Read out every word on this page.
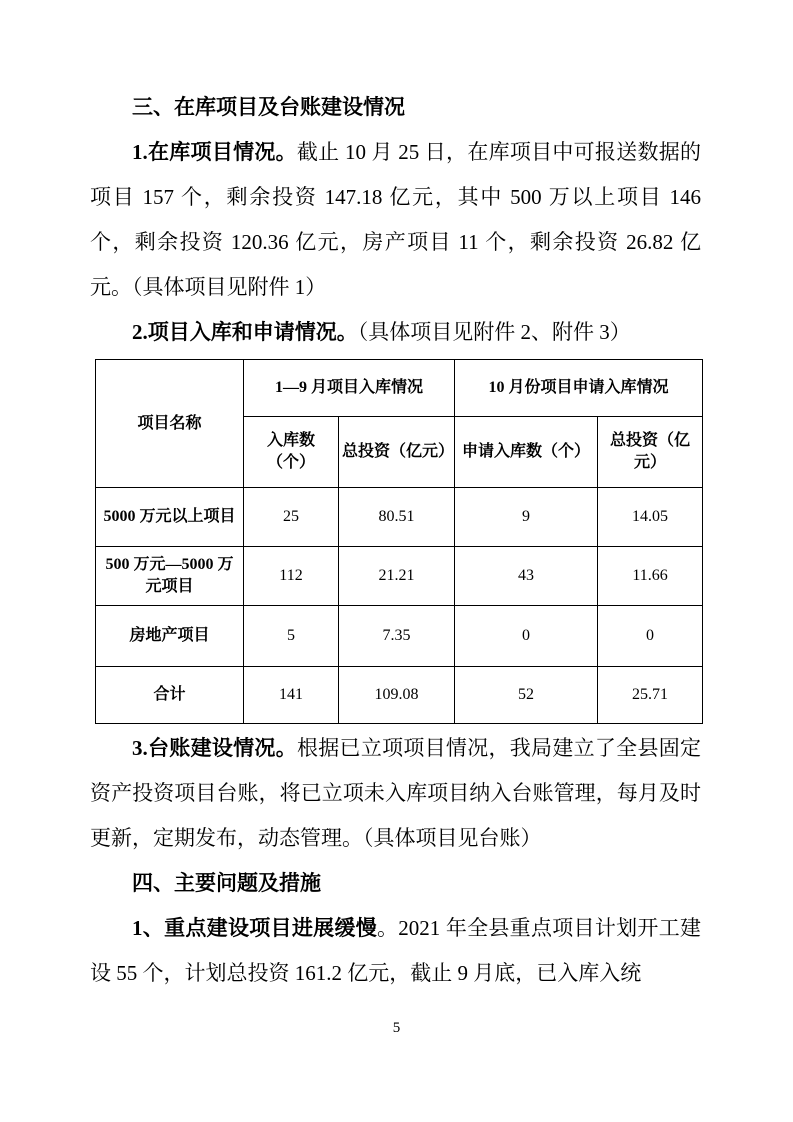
三、在库项目及台账建设情况

1.在库项目情况。截止 10 月 25 日，在库项目中可报送数据的项目 157 个，剩余投资 147.18 亿元，其中 500 万以上项目 146 个，剩余投资 120.36 亿元，房产项目 11 个，剩余投资 26.82 亿元。（具体项目见附件 1）

2.项目入库和申请情况。（具体项目见附件 2、附件 3）

项目名称	1—9 月项目入库情况		10 月份项目申请入库情况	
	入库数（个）	总投资（亿元）	申请入库数（个）	总投资（亿元）
5000 万元以上项目	25	80.51	9	14.05
500 万元—5000 万元项目	112	21.21	43	11.66
房地产项目	5	7.35	0	0
合计	141	109.08	52	25.71

3.台账建设情况。根据已立项项目情况，我局建立了全县固定资产投资项目台账，将已立项未入库项目纳入台账管理，每月及时更新，定期发布，动态管理。（具体项目见台账）

四、主要问题及措施

1、重点建设项目进展缓慢。2021 年全县重点项目计划开工建设 55 个，计划总投资 161.2 亿元，截止 9 月底，已入库入统

5
